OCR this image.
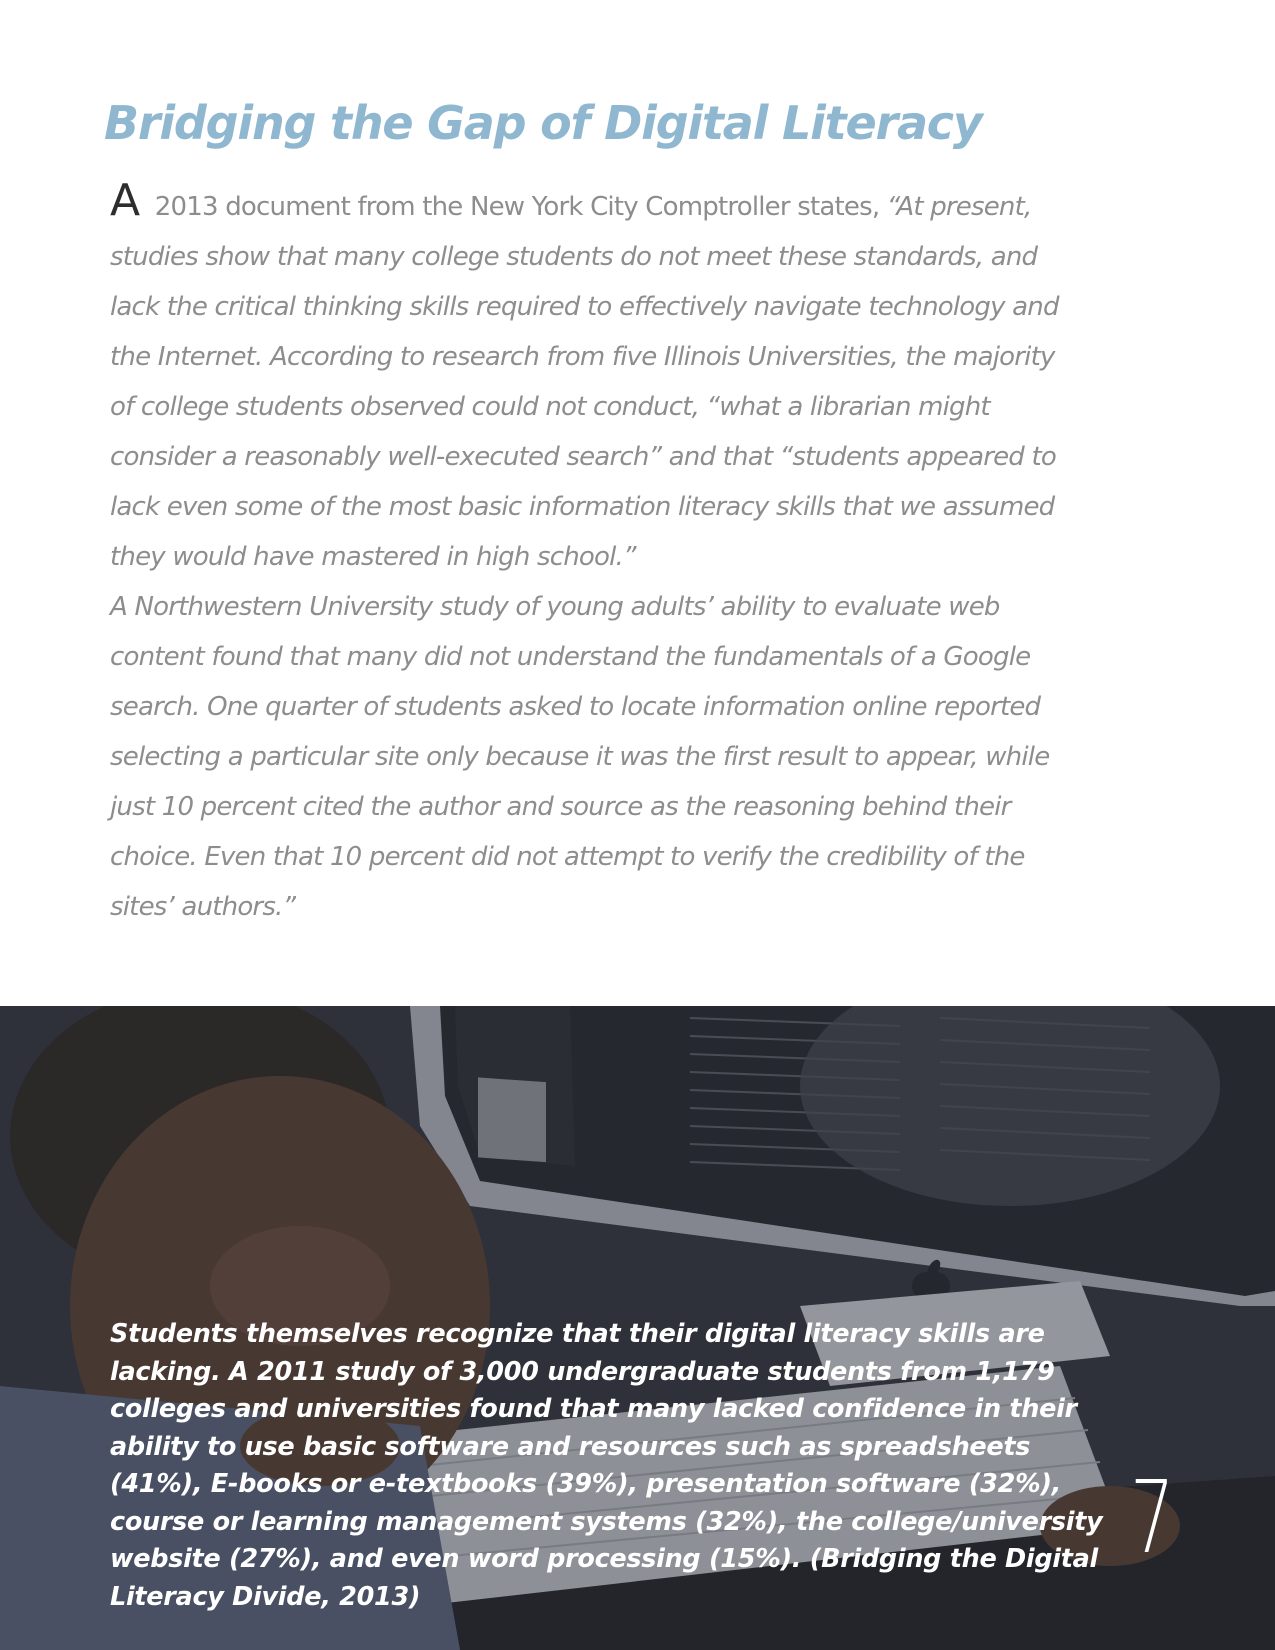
Bridging the Gap of Digital Literacy

A 2013 document from the New York City Comptroller states, “At present, studies show that many college students do not meet these standards, and lack the critical thinking skills required to effectively navigate technology and the Internet. According to research from five Illinois Universities, the majority of college students observed could not conduct, “what a librarian might consider a reasonably well-executed search” and that “students appeared to lack even some of the most basic information literacy skills that we assumed they would have mastered in high school.”

A Northwestern University study of young adults’ ability to evaluate web content found that many did not understand the fundamentals of a Google search. One quarter of students asked to locate information online reported selecting a particular site only because it was the first result to appear, while just 10 percent cited the author and source as the reasoning behind their choice. Even that 10 percent did not attempt to verify the credibility of the sites’ authors.”

Students themselves recognize that their digital literacy skills are lacking. A 2011 study of 3,000 undergraduate students from 1,179 colleges and universities found that many lacked confidence in their ability to use basic software and resources such as spreadsheets (41%), E-books or e-textbooks (39%), presentation software (32%), course or learning management systems (32%), the college/university website (27%), and even word processing (15%). (Bridging the Digital Literacy Divide, 2013)

7
